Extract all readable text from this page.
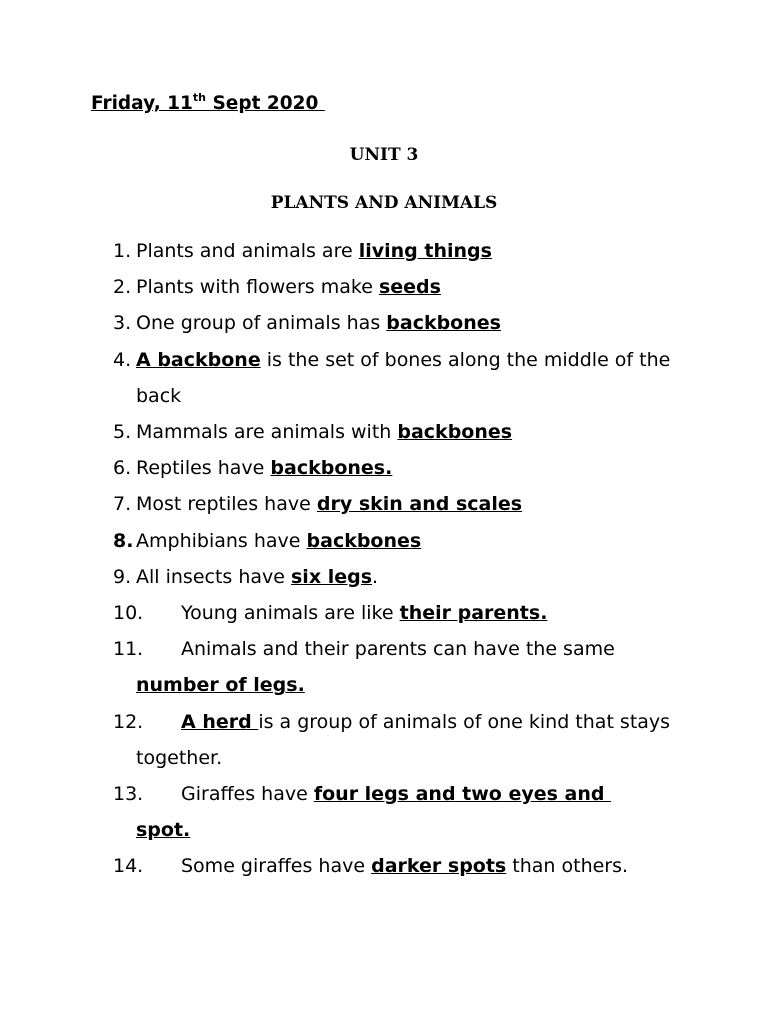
Friday, 11th Sept 2020
UNIT 3
PLANTS AND ANIMALS
1. Plants and animals are living things
2. Plants with flowers make seeds
3. One group of animals has backbones
4. A backbone is the set of bones along the middle of the back
5. Mammals are animals with backbones
6. Reptiles have backbones.
7. Most reptiles have dry skin and scales
8. Amphibians have backbones
9. All insects have six legs.
10. Young animals are like their parents.
11. Animals and their parents can have the same number of legs.
12. A herd is a group of animals of one kind that stays together.
13. Giraffes have four legs and two eyes and
spot.
14. Some giraffes have darker spots than others.
